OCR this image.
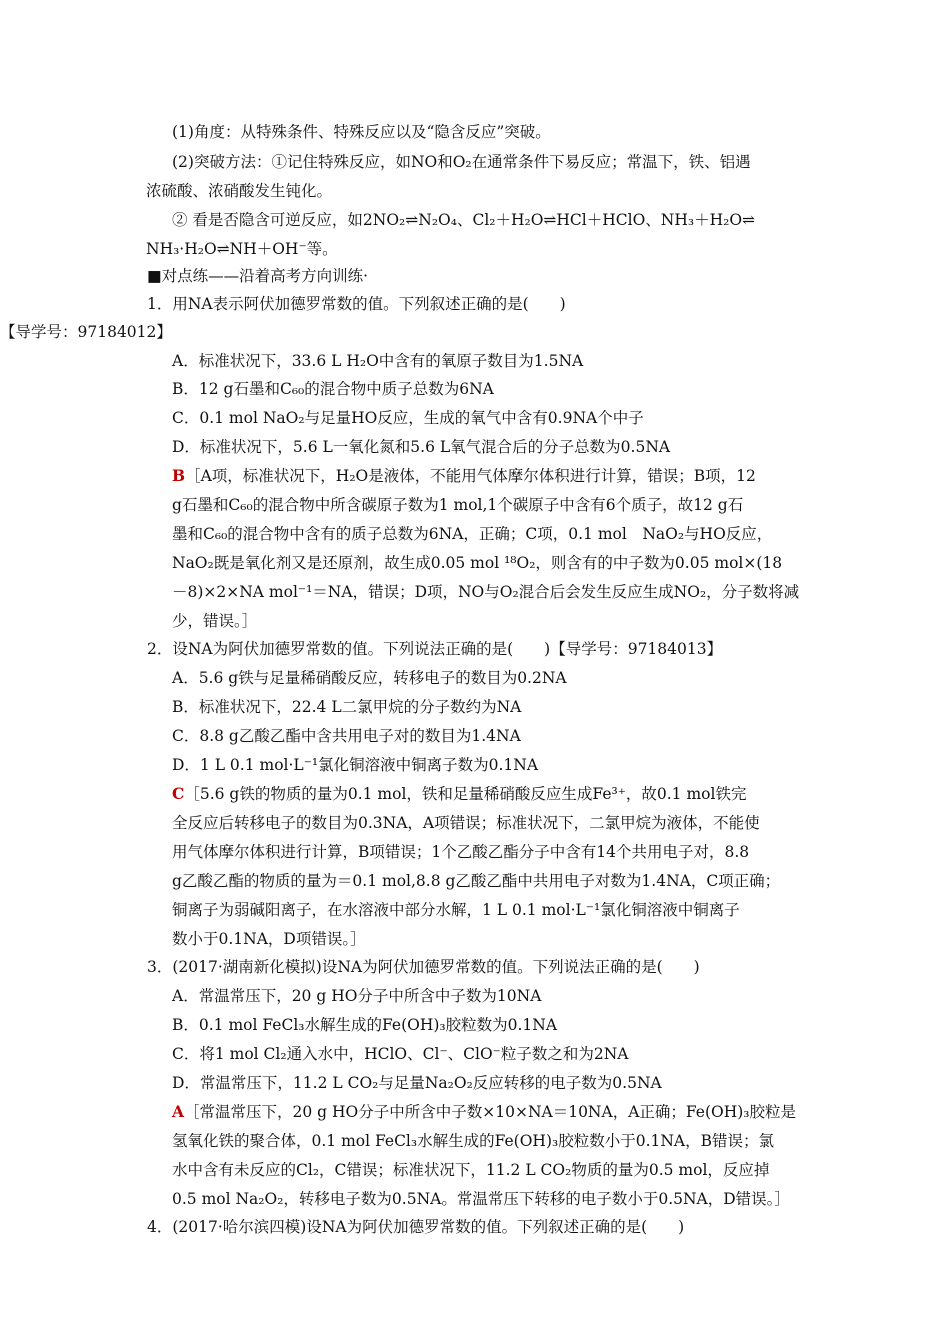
(1)角度：从特殊条件、特殊反应以及“隐含反应”突破。
(2)突破方法：①记住特殊反应，如NO和O₂在通常条件下易反应；常温下，铁、铝遇
浓硫酸、浓硝酸发生钝化。
② 看是否隐含可逆反应，如2NO₂⇌N₂O₄、Cl₂＋H₂O⇌HCl＋HClO、NH₃＋H₂O⇌
NH₃·H₂O⇌NH＋OH⁻等。
■对点练——沿着高考方向训练·
1．用NA表示阿伏加德罗常数的值。下列叙述正确的是(　　)
【导学号：97184012】
A．标准状况下，33.6 L H₂O中含有的氧原子数目为1.5NA
B．12 g石墨和C₆₀的混合物中质子总数为6NA
C．0.1 mol NaO₂与足量HO反应，生成的氧气中含有0.9NA个中子
D．标准状况下，5.6 L一氧化氮和5.6 L氧气混合后的分子总数为0.5NA
B［A项，标准状况下，H₂O是液体，不能用气体摩尔体积进行计算，错误；B项，12
g石墨和C₆₀的混合物中所含碳原子数为1 mol,1个碳原子中含有6个质子，故12 g石
墨和C₆₀的混合物中含有的质子总数为6NA，正确；C项，0.1 mol　NaO₂与HO反应，
NaO₂既是氧化剂又是还原剂，故生成0.05 mol ¹⁸O₂，则含有的中子数为0.05 mol×(18
－8)×2×NA mol⁻¹＝NA，错误；D项，NO与O₂混合后会发生反应生成NO₂，分子数将减
少，错误。］
2．设NA为阿伏加德罗常数的值。下列说法正确的是(　　)【导学号：97184013】
A．5.6 g铁与足量稀硝酸反应，转移电子的数目为0.2NA
B．标准状况下，22.4 L二氯甲烷的分子数约为NA
C．8.8 g乙酸乙酯中含共用电子对的数目为1.4NA
D．1 L 0.1 mol·L⁻¹氯化铜溶液中铜离子数为0.1NA
C［5.6 g铁的物质的量为0.1 mol，铁和足量稀硝酸反应生成Fe³⁺，故0.1 mol铁完
全反应后转移电子的数目为0.3NA，A项错误；标准状况下，二氯甲烷为液体，不能使
用气体摩尔体积进行计算，B项错误；1个乙酸乙酯分子中含有14个共用电子对，8.8
g乙酸乙酯的物质的量为＝0.1 mol,8.8 g乙酸乙酯中共用电子对数为1.4NA，C项正确；
铜离子为弱碱阳离子，在水溶液中部分水解，1 L 0.1 mol·L⁻¹氯化铜溶液中铜离子
数小于0.1NA，D项错误。］
3．(2017·湖南新化模拟)设NA为阿伏加德罗常数的值。下列说法正确的是(　　)
A．常温常压下，20 g HO分子中所含中子数为10NA
B．0.1 mol FeCl₃水解生成的Fe(OH)₃胶粒数为0.1NA
C．将1 mol Cl₂通入水中，HClO、Cl⁻、ClO⁻粒子数之和为2NA
D．常温常压下，11.2 L CO₂与足量Na₂O₂反应转移的电子数为0.5NA
A［常温常压下，20 g HO分子中所含中子数×10×NA＝10NA，A正确；Fe(OH)₃胶粒是
氢氧化铁的聚合体，0.1 mol FeCl₃水解生成的Fe(OH)₃胶粒数小于0.1NA，B错误；氯
水中含有未反应的Cl₂，C错误；标准状况下，11.2 L CO₂物质的量为0.5 mol，反应掉
0.5 mol Na₂O₂，转移电子数为0.5NA。常温常压下转移的电子数小于0.5NA，D错误。］
4．(2017·哈尔滨四模)设NA为阿伏加德罗常数的值。下列叙述正确的是(　　)
